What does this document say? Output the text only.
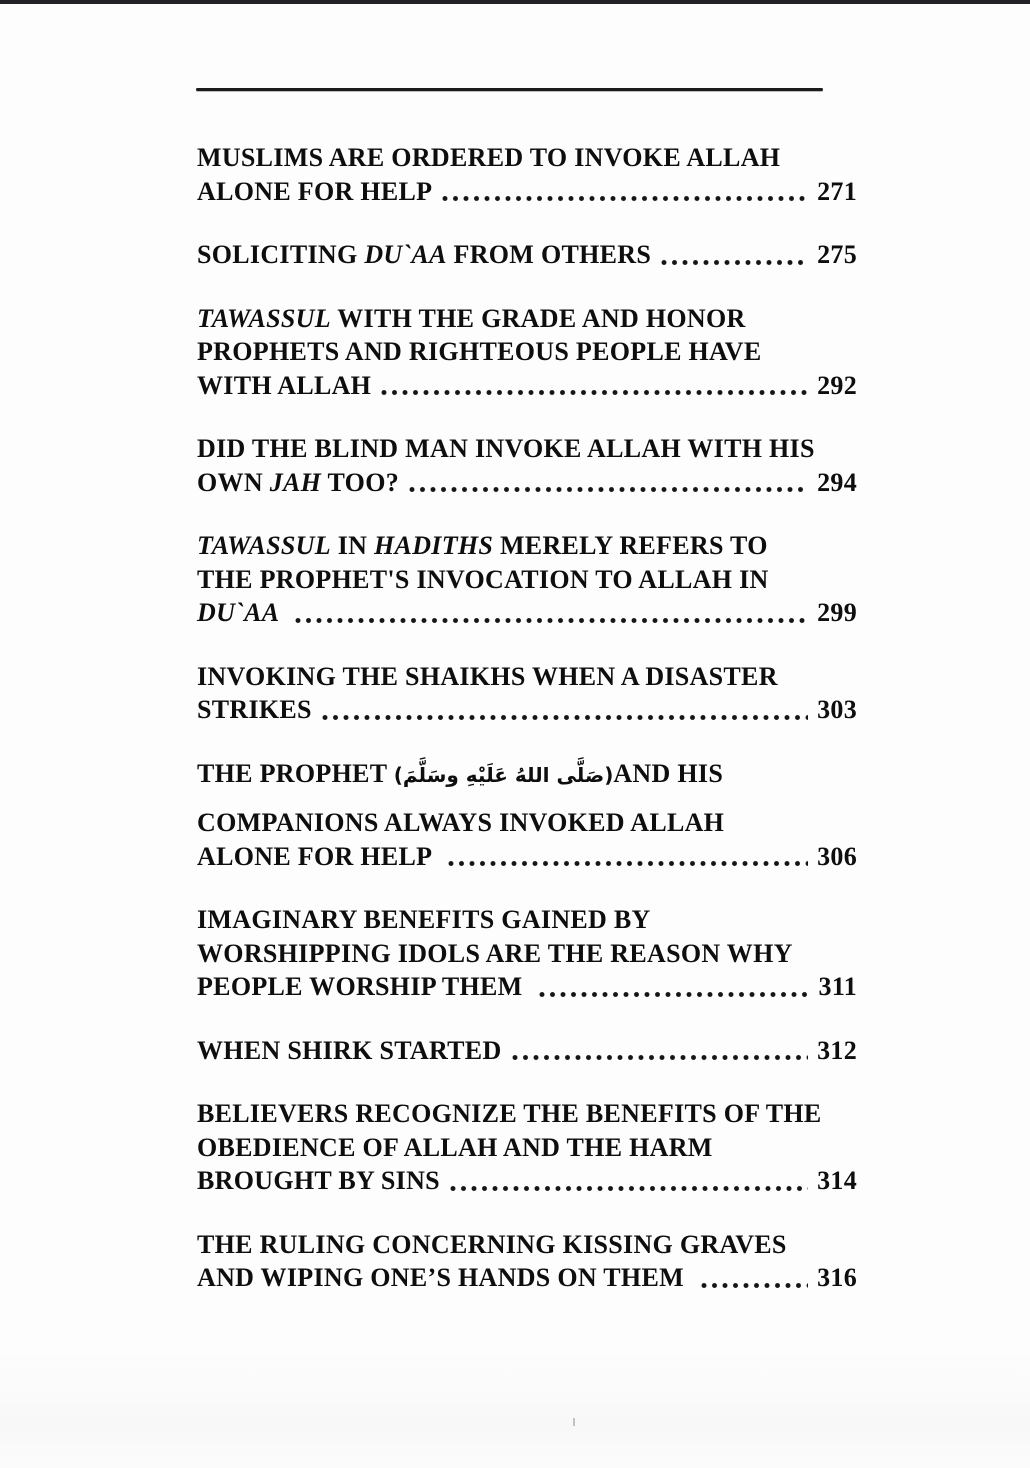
MUSLIMS ARE ORDERED TO INVOKE ALLAH
ALONE FOR HELP	271
SOLICITING DU`AA FROM OTHERS	275
TAWASSUL WITH THE GRADE AND HONOR
PROPHETS AND RIGHTEOUS PEOPLE HAVE
WITH ALLAH	292
DID THE BLIND MAN INVOKE ALLAH WITH HIS
OWN JAH TOO?	294
TAWASSUL IN HADITHS MERELY REFERS TO
THE PROPHET'S INVOCATION TO ALLAH IN
DU`AA	299
INVOKING THE SHAIKHS WHEN A DISASTER
STRIKES	303
THE PROPHET (صَلَّى اللهُ عَلَيْهِ وسَلَّمَ)AND HIS
COMPANIONS ALWAYS INVOKED ALLAH
ALONE FOR HELP	306
IMAGINARY BENEFITS GAINED BY
WORSHIPPING IDOLS ARE THE REASON WHY
PEOPLE WORSHIP THEM	311
WHEN SHIRK STARTED	312
BELIEVERS RECOGNIZE THE BENEFITS OF THE
OBEDIENCE OF ALLAH AND THE HARM
BROUGHT BY SINS	314
THE RULING CONCERNING KISSING GRAVES
AND WIPING ONE’S HANDS ON THEM	316
